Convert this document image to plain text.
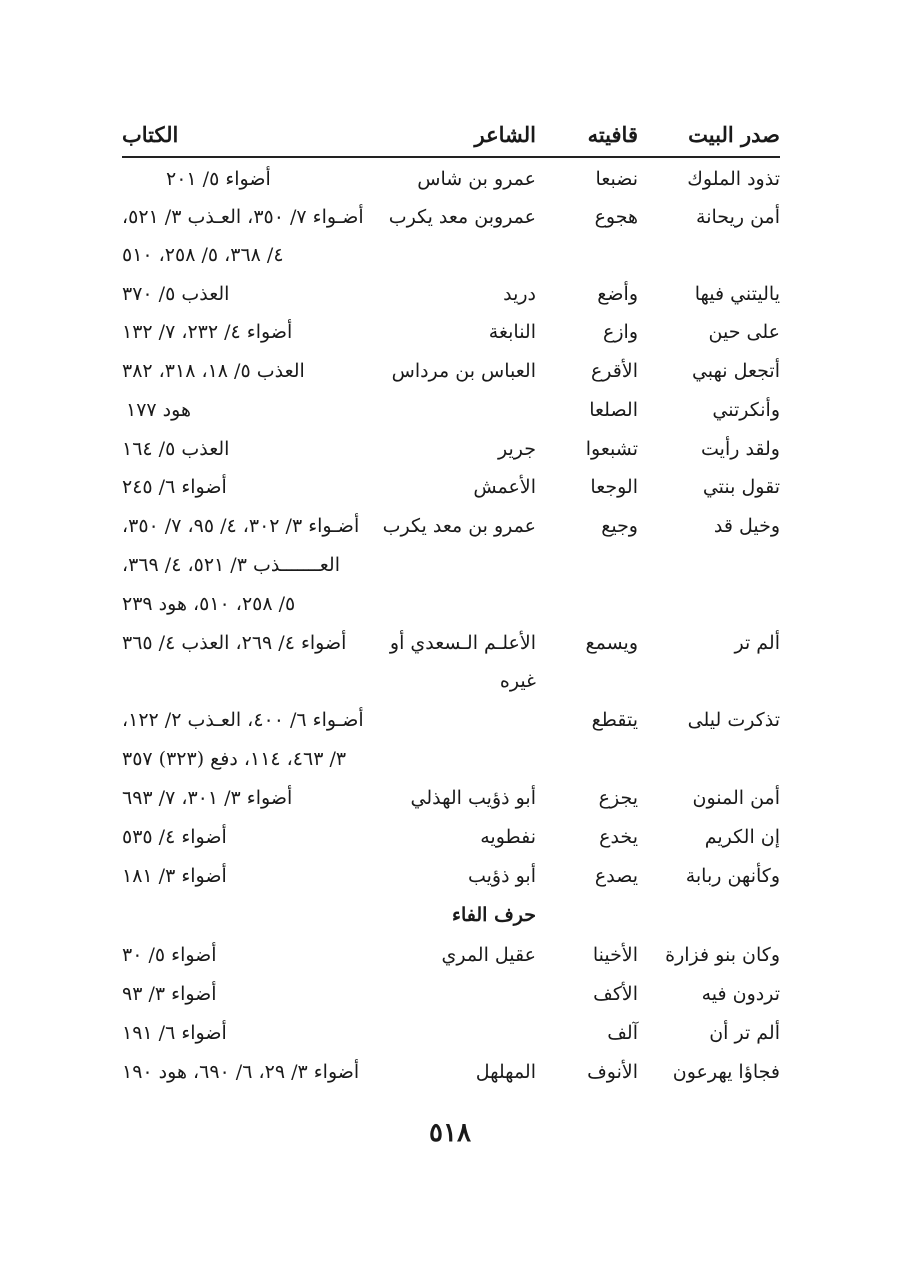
صدر البيت
قافيته
الشاعر
الكتاب
تذود الملوك
نضبعا
عمرو بن شاس
أضواء ٥/ ٢٠١
أمن ريحانة
هجوع
عمروبن معد يكرب
أضـواء ٧/ ٣٥٠، العـذب ٣/ ٥٢١،
٤/ ٣٦٨، ٥/ ٢٥٨، ٥١٠
ياليتني فيها
وأضع
دريد
العذب ٥/ ٣٧٠
على حين
وازع
النابغة
أضواء ٤/ ٢٣٢، ٧/ ١٣٢
أتجعل نهبي
الأقرع
العباس بن مرداس
العذب ٥/ ١٨، ٣١٨، ٣٨٢
وأنكرتني
الصلعا
هود ١٧٧
ولقد رأيت
تشبعوا
جرير
العذب ٥/ ١٦٤
تقول بنتي
الوجعا
الأعمش
أضواء ٦/ ٢٤٥
وخيل قد
وجيع
عمرو بن معد يكرب
أضـواء ٣/ ٣٠٢، ٤/ ٩٥، ٧/ ٣٥٠،
العـــــــذب ٣/ ٥٢١، ٤/ ٣٦٩،
٥/ ٢٥٨، ٥١٠، هود ٢٣٩
ألم تر
ويسمع
الأعلـم الـسعدي أو
أضواء ٤/ ٢٦٩، العذب ٤/ ٣٦٥
غيره
تذكرت ليلى
يتقطع
أضـواء ٦/ ٤٠٠، العـذب ٢/ ١٢٢،
٣/ ٤٦٣، ١١٤، دفع (٣٢٣) ٣٥٧
أمن المنون
يجزع
أبو ذؤيب الهذلي
أضواء ٣/ ٣٠١، ٧/ ٦٩٣
إن الكريم
يخدع
نفطويه
أضواء ٤/ ٥٣٥
وكأنهن ربابة
يصدع
أبو ذؤيب
أضواء ٣/ ١٨١
حرف الفاء
وكان بنو فزارة
الأخينا
عقيل المري
أضواء ٥/ ٣٠
تردون فيه
الأكف
أضواء ٣/ ٩٣
ألم تر أن
آلف
أضواء ٦/ ١٩١
فجاؤا يهرعون
الأنوف
المهلهل
أضواء ٣/ ٢٩، ٦/ ٦٩٠، هود ١٩٠
٥١٨
